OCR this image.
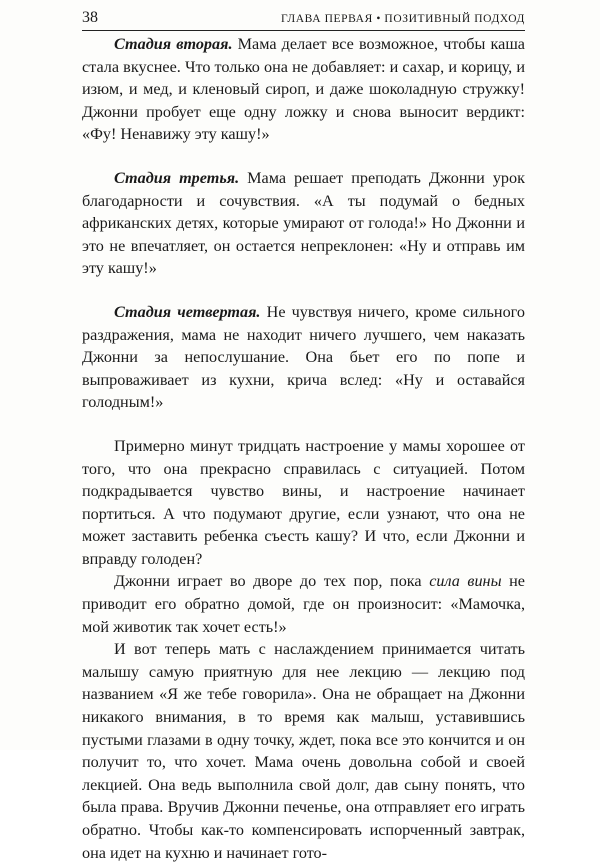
38	ГЛАВА ПЕРВАЯ • ПОЗИТИВНЫЙ ПОДХОД

Стадия вторая. Мама делает все возможное, чтобы каша стала вкуснее. Что только она не добавляет: и сахар, и корицу, и изюм, и мед, и кленовый сироп, и даже шоколадную стружку! Джонни пробует еще одну ложку и снова выносит вердикт: «Фу! Ненавижу эту кашу!»

Стадия третья. Мама решает преподать Джонни урок благодарности и сочувствия. «А ты подумай о бедных африканских детях, которые умирают от голода!» Но Джонни и это не впечатляет, он остается непреклонен: «Ну и отправь им эту кашу!»

Стадия четвертая. Не чувствуя ничего, кроме сильного раздражения, мама не находит ничего лучшего, чем наказать Джонни за непослушание. Она бьет его по попе и выпроваживает из кухни, крича вслед: «Ну и оставайся голодным!»

Примерно минут тридцать настроение у мамы хорошее от того, что она прекрасно справилась с ситуацией. Потом подкрадывается чувство вины, и настроение начинает портиться. А что подумают другие, если узнают, что она не может заставить ребенка съесть кашу? И что, если Джонни и вправду голоден?

Джонни играет во дворе до тех пор, пока сила вины не приводит его обратно домой, где он произносит: «Мамочка, мой животик так хочет есть!»

И вот теперь мать с наслаждением принимается читать малышу самую приятную для нее лекцию — лекцию под названием «Я же тебе говорила». Она не обращает на Джонни никакого внимания, в то время как малыш, уставившись пустыми глазами в одну точку, ждет, пока все это кончится и он получит то, что хочет. Мама очень довольна собой и своей лекцией. Она ведь выполнила свой долг, дав сыну понять, что была права. Вручив Джонни печенье, она отправляет его играть обратно. Чтобы как-то компенсировать испорченный завтрак, она идет на кухню и начинает гото-
